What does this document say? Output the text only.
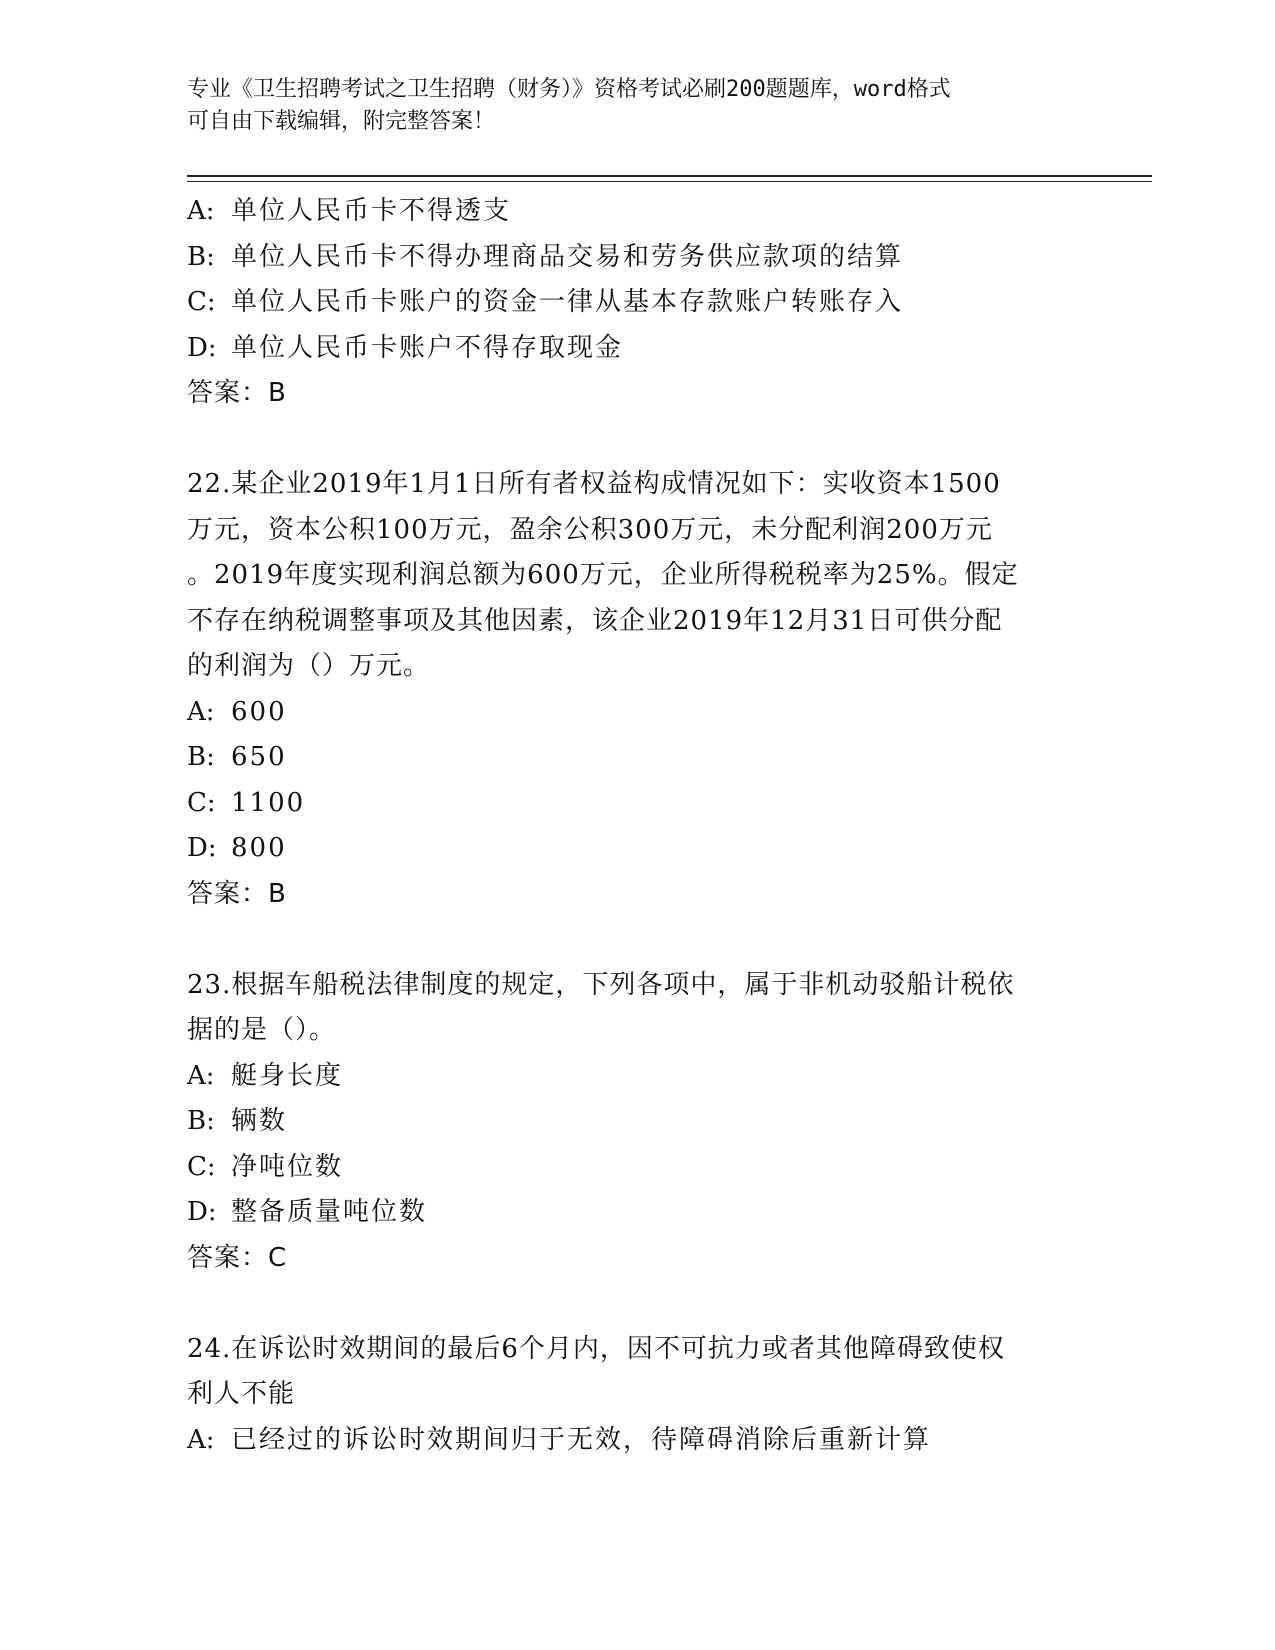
专业《卫生招聘考试之卫生招聘（财务）》资格考试必刷200题题库，word格式
可自由下载编辑，附完整答案！
A: 单位人民币卡不得透支
B: 单位人民币卡不得办理商品交易和劳务供应款项的结算
C: 单位人民币卡账户的资金一律从基本存款账户转账存入
D: 单位人民币卡账户不得存取现金
答案：B
22.某企业2019年1月1日所有者权益构成情况如下：实收资本1500
万元，资本公积100万元，盈余公积300万元，未分配利润200万元
。2019年度实现利润总额为600万元，企业所得税税率为25%。假定
不存在纳税调整事项及其他因素，该企业2019年12月31日可供分配
的利润为（）万元。
A: 600
B: 650
C: 1100
D: 800
答案：B
23.根据车船税法律制度的规定，下列各项中，属于非机动驳船计税依
据的是（）。
A: 艇身长度
B: 辆数
C: 净吨位数
D: 整备质量吨位数
答案：C
24.在诉讼时效期间的最后6个月内，因不可抗力或者其他障碍致使权
利人不能
A: 已经过的诉讼时效期间归于无效，待障碍消除后重新计算
